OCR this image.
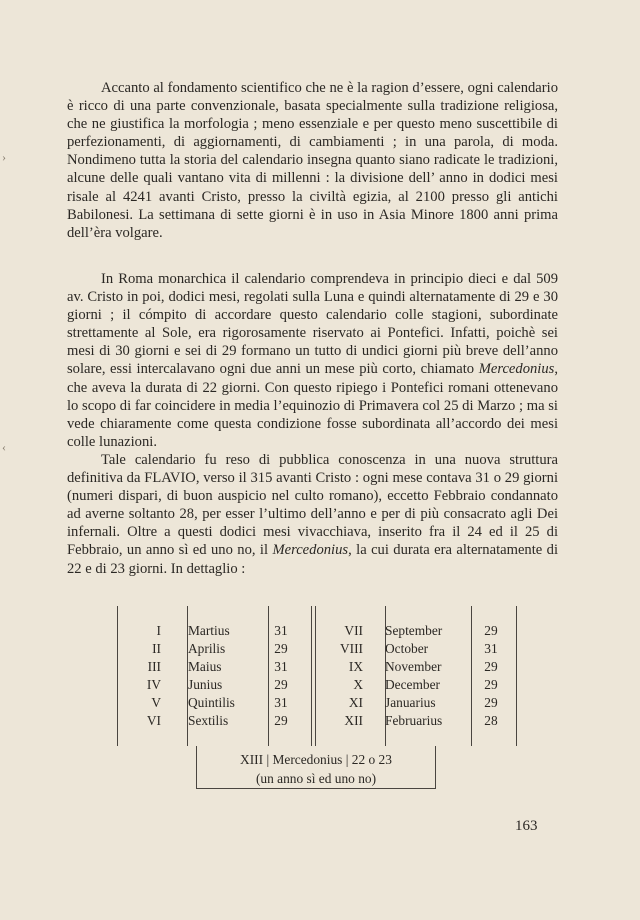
›
‹

Accanto al fondamento scientifico che ne è la ragion d’essere, ogni calendario è ricco di una parte convenzionale, basata specialmente sulla tradizione religiosa, che ne giustifica la morfologia ; meno essenziale e per questo meno suscettibile di perfezionamenti, di aggiornamenti, di cambiamenti ; in una parola, di moda. Nondimeno tutta la storia del calendario insegna quanto siano radicate le tradizioni, alcune delle quali vantano vita di millenni : la divisione dell’ anno in dodici mesi risale al 4241 avanti Cristo, presso la civiltà egizia, al 2100 presso gli antichi Babilonesi. La settimana di sette giorni è in uso in Asia Minore 1800 anni prima dell’èra volgare.

In Roma monarchica il calendario comprendeva in principio dieci e dal 509 av. Cristo in poi, dodici mesi, regolati sulla Luna e quindi alternatamente di 29 e 30 giorni ; il cómpito di accordare questo calendario colle stagioni, subordinate strettamente al Sole, era rigorosamente riservato ai Pontefici. Infatti, poichè sei mesi di 30 giorni e sei di 29 formano un tutto di undici giorni più breve dell’anno solare, essi intercalavano ogni due anni un mese più corto, chiamato Mercedonius, che aveva la durata di 22 giorni. Con questo ripiego i Pontefici romani ottenevano lo scopo di far coincidere in media l’equinozio di Primavera col 25 di Marzo ; ma si vede chiaramente come questa condizione fosse subordinata all’accordo dei mesi colle lunazioni.

Tale calendario fu reso di pubblica conoscenza in una nuova struttura definitiva da FLAVIO, verso il 315 avanti Cristo : ogni mese contava 31 o 29 giorni (numeri dispari, di buon auspicio nel culto romano), eccetto Febbraio condannato ad averne soltanto 28, per esser l’ultimo dell’anno e per di più consacrato agli Dei infernali. Oltre a questi dodici mesi vivacchiava, inserito fra il 24 ed il 25 di Febbraio, un anno sì ed uno no, il Mercedonius, la cui durata era alternatamente di 22 e di 23 giorni. In dettaglio :

I Martius	31	VII September	29
II Aprilis	29	VIII October	31
III Maius	31	IX November	29
IV Junius	29	X December	29
V Quintilis	31	XI Januarius	29
VI Sextilis	29	XII Februarius	28
XIII | Mercedonius | 22 o 23
(un anno sì ed uno no)
163
